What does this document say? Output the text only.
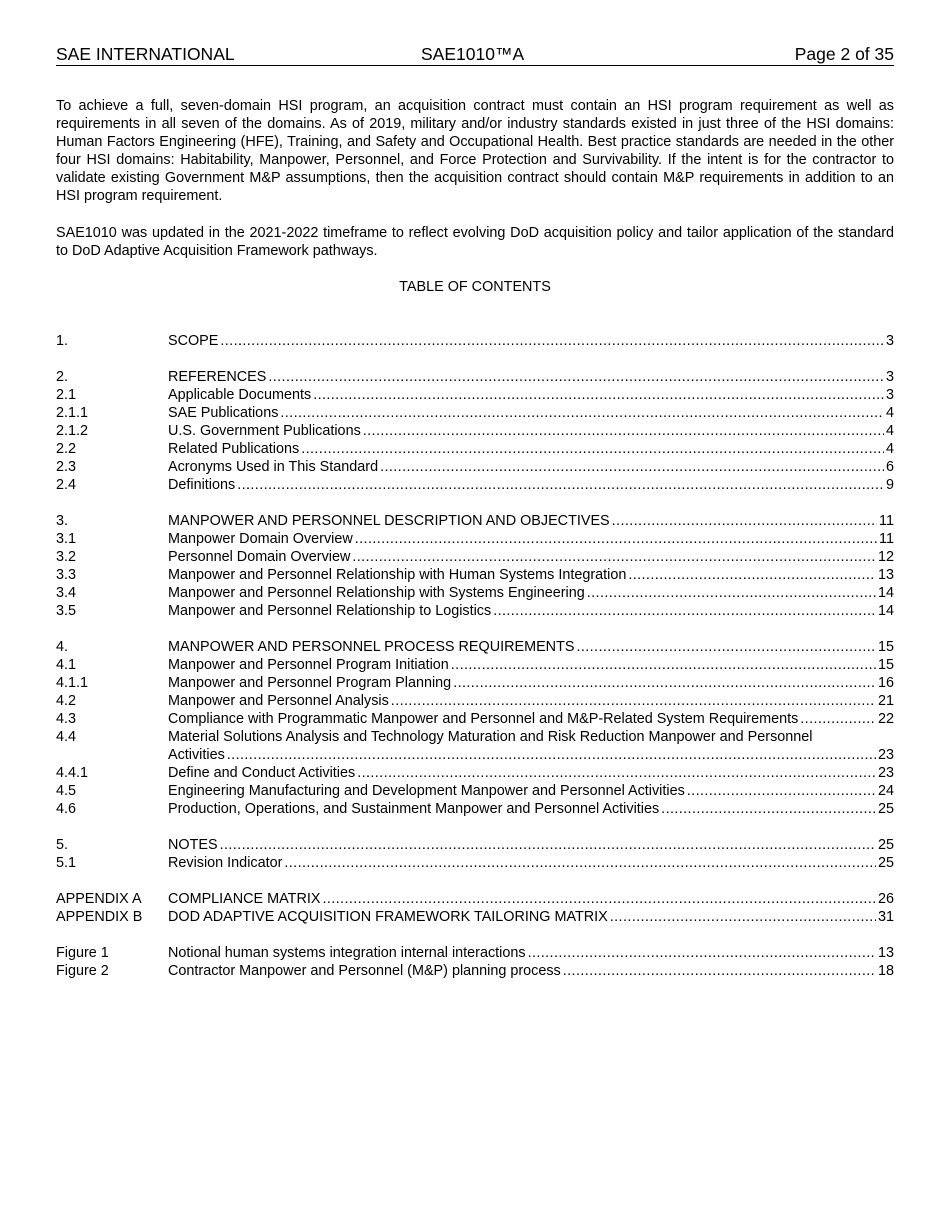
SAE INTERNATIONAL	SAE1010™A	Page 2 of 35

To achieve a full, seven-domain HSI program, an acquisition contract must contain an HSI program requirement as well as requirements in all seven of the domains. As of 2019, military and/or industry standards existed in just three of the HSI domains: Human Factors Engineering (HFE), Training, and Safety and Occupational Health. Best practice standards are needed in the other four HSI domains: Habitability, Manpower, Personnel, and Force Protection and Survivability. If the intent is for the contractor to validate existing Government M&P assumptions, then the acquisition contract should contain M&P requirements in addition to an HSI program requirement.

SAE1010 was updated in the 2021-2022 timeframe to reflect evolving DoD acquisition policy and tailor application of the standard to DoD Adaptive Acquisition Framework pathways.

TABLE OF CONTENTS
1.	SCOPE .....	3
2.	REFERENCES .....	3
2.1	Applicable Documents .....	3
2.1.1	SAE Publications .....	4
2.1.2	U.S. Government Publications .....	4
2.2	Related Publications .....	4
2.3	Acronyms Used in This Standard .....	6
2.4	Definitions .....	9
3.	MANPOWER AND PERSONNEL DESCRIPTION AND OBJECTIVES .....	11
3.1	Manpower Domain Overview .....	11
3.2	Personnel Domain Overview .....	12
3.3	Manpower and Personnel Relationship with Human Systems Integration .....	13
3.4	Manpower and Personnel Relationship with Systems Engineering .....	14
3.5	Manpower and Personnel Relationship to Logistics .....	14
4.	MANPOWER AND PERSONNEL PROCESS REQUIREMENTS .....	15
4.1	Manpower and Personnel Program Initiation .....	15
4.1.1	Manpower and Personnel Program Planning .....	16
4.2	Manpower and Personnel Analysis .....	21
4.3	Compliance with Programmatic Manpower and Personnel and M&P-Related System Requirements .....	22
4.4	Material Solutions Analysis and Technology Maturation and Risk Reduction Manpower and Personnel
Activities .....	23
4.4.1	Define and Conduct Activities .....	23
4.5	Engineering Manufacturing and Development Manpower and Personnel Activities .....	24
4.6	Production, Operations, and Sustainment Manpower and Personnel Activities .....	25
5.	NOTES .....	25
5.1	Revision Indicator .....	25
APPENDIX A COMPLIANCE MATRIX .....	26
APPENDIX B DOD ADAPTIVE ACQUISITION FRAMEWORK TAILORING MATRIX .....	31
Figure 1	Notional human systems integration internal interactions .....	13
Figure 2	Contractor Manpower and Personnel (M&P) planning process .....	18
